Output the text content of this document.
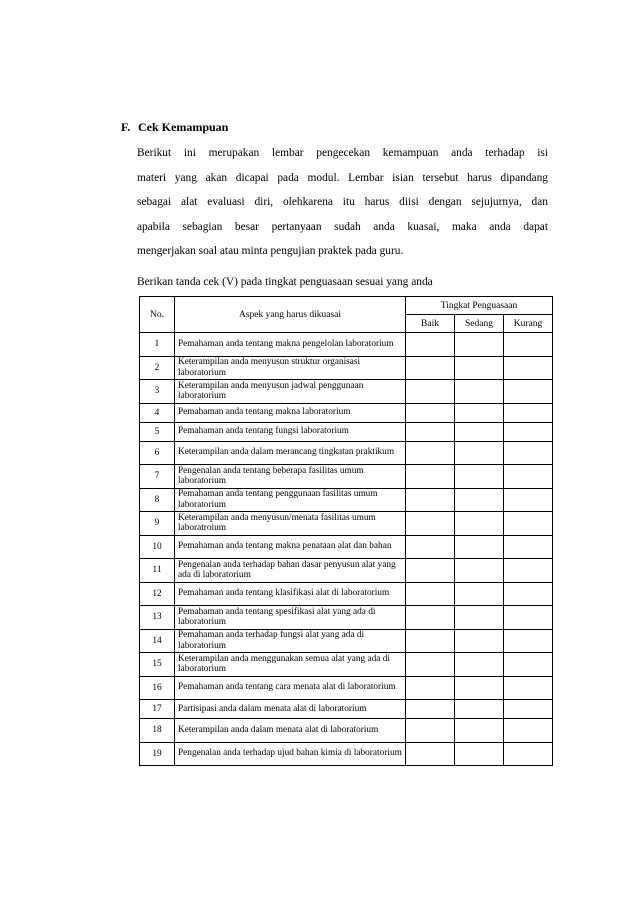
F. Cek Kemampuan
Berikut ini merupakan lembar pengecekan kemampuan anda terhadap isi
materi yang akan dicapai pada modul. Lembar isian tersebut harus dipandang
sebagai alat evaluasi diri, olehkarena itu harus diisi dengan sejujurnya, dan
apabila sebagian besar pertanyaan sudah anda kuasai, maka anda dapat
mengerjakan soal atau minta pengujian praktek pada guru.
Berikan tanda cek (V) pada tingkat penguasaan sesuai yang anda
No.	Aspek yang harus dikuasai	Tingkat Penguasaan		
		Baik	Sedang	Kurang
1	Pemahaman anda tentang makna pengelolan laboratorium			
2	Keterampilan anda menyusun struktur organisasi laboratorium			
3	Keterampilan anda menyusun jadwal penggunaan laboratorium			
4	Pemahaman anda tentang makna laboratorium			
5	Pemahaman anda tentang fungsi laboratorium			
6	Keterampilan anda dalam merancang tingkatan praktikum			
7	Pengenalan anda tentang beberapa fasilitas umum laboratorium			
8	Pemahaman anda tentang penggunaan fasilitas umum laboratorium			
9	Keterampilan anda menyusun/menata fasilitas umum laboratroium			
10	Pemahaman anda tentang makna penataan alat dan bahan			
11	Pengenalan anda terhadap bahan dasar penyusun alat yang ada di laboratorium			
12	Pemahaman anda tentang klasifikasi alat di laboratorium			
13	Pemahaman anda tentang spesifikasi alat yang ada di laboratorium			
14	Pemahaman anda terhadap fungsi alat yang ada di laboratorium			
15	Keterampilan anda menggunakan semua alat yang ada di laboratorium			
16	Pemahaman anda tentang cara menata alat di laboratorium			
17	Partisipasi anda dalam menata alat di laboratorium			
18	Keterampilan anda dalam menata alat di laboratorium			
19	Pengenalan anda terhadap ujud bahan kimia di laboratorium			
